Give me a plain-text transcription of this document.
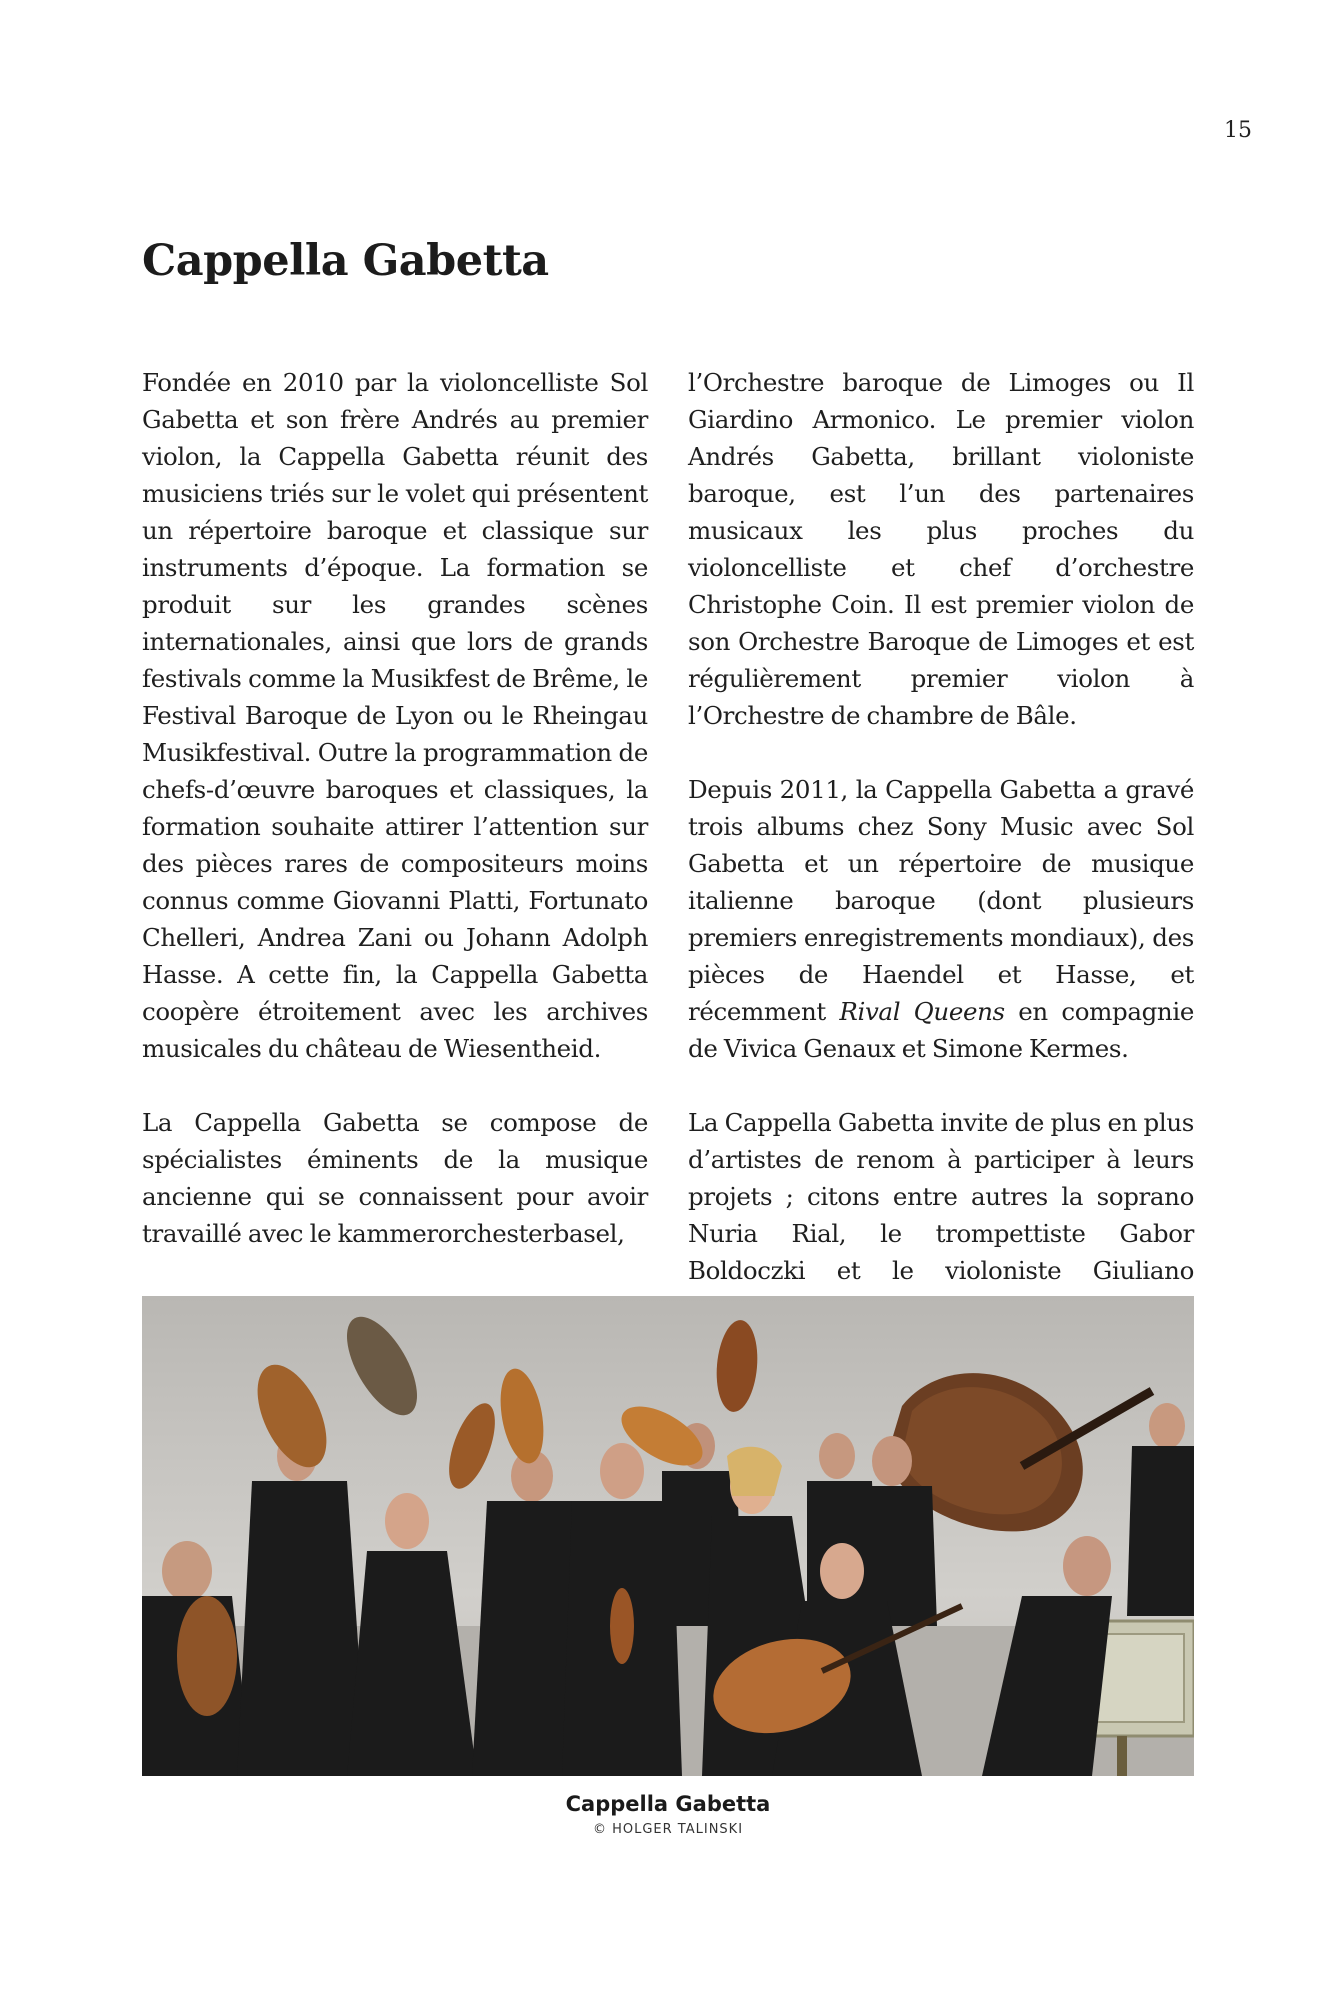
15
Cappella Gabetta

Fondée en 2010 par la violoncelliste Sol Gabetta et son frère Andrés au premier violon, la Cappella Gabetta réunit des musiciens triés sur le volet qui présentent un répertoire baroque et classique sur instruments d’époque. La formation se produit sur les grandes scènes internationales, ainsi que lors de grands festivals comme la Musikfest de Brême, le Festival Baroque de Lyon ou le Rheingau Musikfestival. Outre la programmation de chefs-d’œuvre baroques et classiques, la formation souhaite attirer l’attention sur des pièces rares de compositeurs moins connus comme Giovanni Platti, Fortunato Chelleri, Andrea Zani ou Johann Adolph Hasse. A cette fin, la Cappella Gabetta coopère étroitement avec les archives musicales du château de Wiesentheid.

La Cappella Gabetta se compose de spécialistes éminents de la musique ancienne qui se connaissent pour avoir travaillé avec le kammerorchesterbasel,

l’Orchestre baroque de Limoges ou Il Giardino Armonico. Le premier violon Andrés Gabetta, brillant violoniste baroque, est l’un des partenaires musicaux les plus proches du violoncelliste et chef d’orchestre Christophe Coin. Il est premier violon de son Orchestre Baroque de Limoges et est régulièrement premier violon à l’Orchestre de chambre de Bâle.

Depuis 2011, la Cappella Gabetta a gravé trois albums chez Sony Music avec Sol Gabetta et un répertoire de musique italienne baroque (dont plusieurs premiers enregistrements mondiaux), des pièces de Haendel et Hasse, et récemment Rival Queens en compagnie de Vivica Genaux et Simone Kermes.

La Cappella Gabetta invite de plus en plus d’artistes de renom à participer à leurs projets ; citons entre autres la soprano Nuria Rial, le trompettiste Gabor Boldoczki et le violoniste Giuliano

Cappella Gabetta
© HOLGER TALINSKI
